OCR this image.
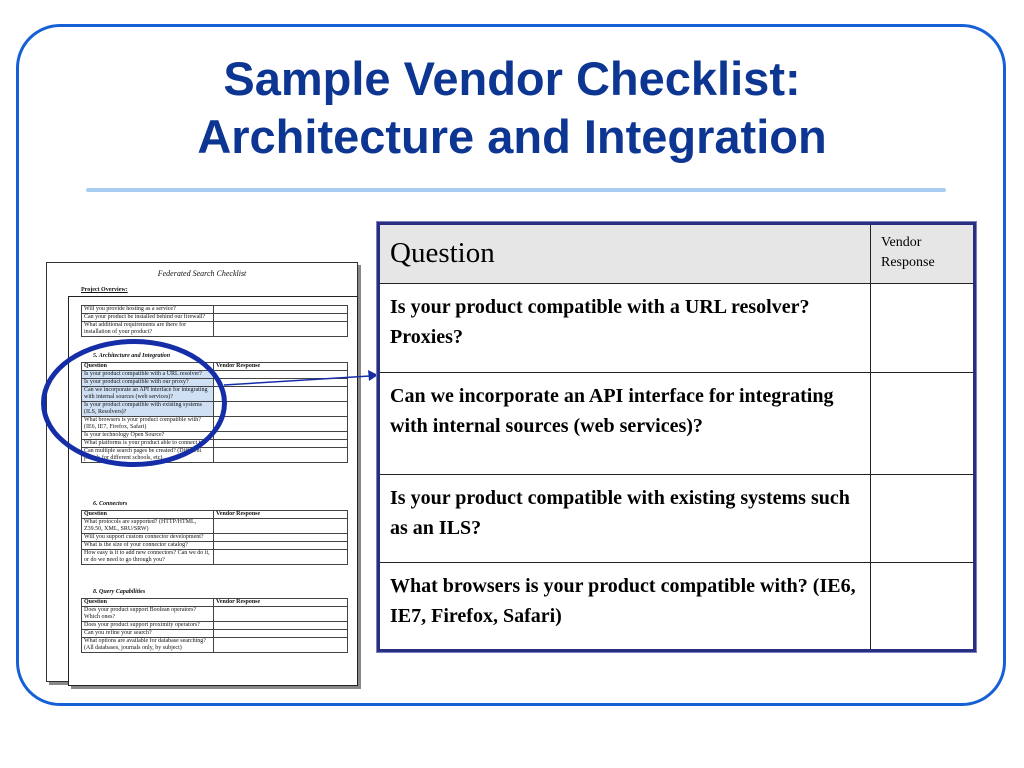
Sample Vendor Checklist:
Architecture and Integration
Federated Search Checklist
Project Overview:
Will you provide hosting as a service?	
Can your product be installed behind our firewall?	
What additional requirements are there for installation of your product?	
5. Architecture and Integration
Question	Vendor Response
Is your product compatible with a URL resolver?	
Is your product compatible with our proxy?	
Can we incorporate an API interface for integrating with internal sources (web services)?	
Is your product compatible with existing systems (ILS, Resolvers)?	
What browsers is your product compatible with? (IE6, IE7, Firefox, Safari)	
Is your technology Open Source?	
What platforms is your product able to connect to?	
Can multiple search pages be created? (Different portals for different schools, etc)	
6. Connectors
Question	Vendor Response
What protocols are supported? (HTTP/HTML, Z39.50, XML, SRU/SRW)	
Will you support custom connector development?	
What is the size of your connector catalog?	
How easy is it to add new connectors? Can we do it, or do we need to go through you?	
8. Query Capabilities
Question	Vendor Response
Does your product support Boolean operators? Which ones?	
Does your product support proximity operators?	
Can you refine your search?	
What options are available for database searching? (All databases, journals only, by subject)	
Question	Vendor Response
Is your product compatible with a URL resolver? Proxies?	
Can we incorporate an API interface for integrating with internal sources (web services)?	
Is your product compatible with existing systems such as an ILS?	
What browsers is your product compatible with? (IE6, IE7, Firefox, Safari)	
